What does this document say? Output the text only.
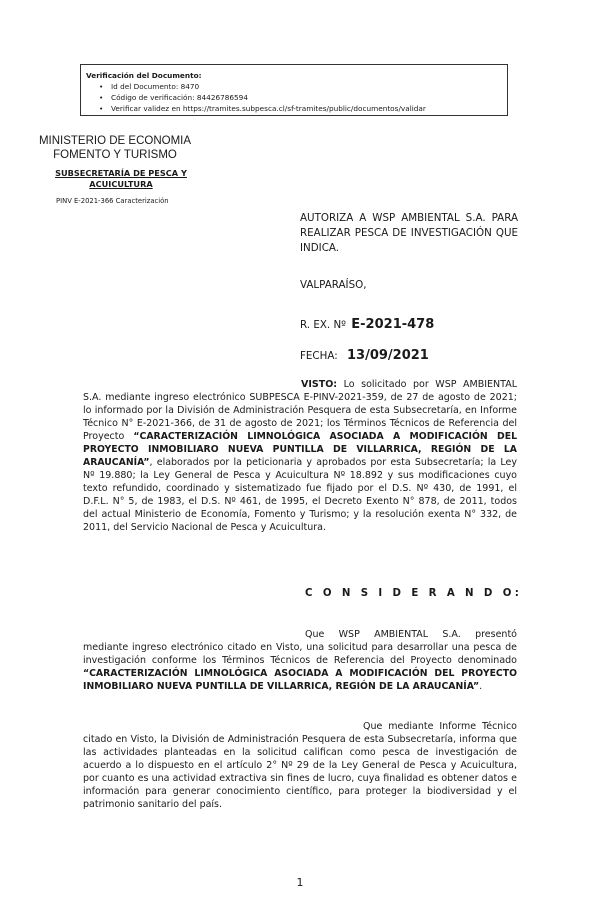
Verificación del Documento:
• Id del Documento: 8470
• Código de verificación: 84426786594
• Verificar validez en https://tramites.subpesca.cl/sf-tramites/public/documentos/validar
MINISTERIO DE ECONOMIA
FOMENTO Y TURISMO
SUBSECRETARÍA DE PESCA Y
ACUICULTURA
PINV E-2021-366 Caracterización
AUTORIZA A WSP AMBIENTAL S.A. PARA REALIZAR PESCA DE INVESTIGACIÓN QUE INDICA.
VALPARAÍSO,
R. EX. Nº E-2021-478
FECHA: 13/09/2021
VISTO: Lo solicitado por WSP AMBIENTAL S.A. mediante ingreso electrónico SUBPESCA E-PINV-2021-359, de 27 de agosto de 2021; lo informado por la División de Administración Pesquera de esta Subsecretaría, en Informe Técnico N° E-2021-366, de 31 de agosto de 2021; los Términos Técnicos de Referencia del Proyecto “CARACTERIZACIÓN LIMNOLÓGICA ASOCIADA A MODIFICACIÓN DEL PROYECTO INMOBILIARO NUEVA PUNTILLA DE VILLARRICA, REGIÓN DE LA ARAUCANÍA”, elaborados por la peticionaria y aprobados por esta Subsecretaría; la Ley Nº 19.880; la Ley General de Pesca y Acuicultura Nº 18.892 y sus modificaciones cuyo texto refundido, coordinado y sistematizado fue fijado por el D.S. Nº 430, de 1991, el D.F.L. N° 5, de 1983, el D.S. Nº 461, de 1995, el Decreto Exento N° 878, de 2011, todos del actual Ministerio de Economía, Fomento y Turismo; y la resolución exenta N° 332, de 2011, del Servicio Nacional de Pesca y Acuicultura.
C O N S I D E R A N D O:
Que WSP AMBIENTAL S.A. presentó mediante ingreso electrónico citado en Visto, una solicitud para desarrollar una pesca de investigación conforme los Términos Técnicos de Referencia del Proyecto denominado “CARACTERIZACIÓN LIMNOLÓGICA ASOCIADA A MODIFICACIÓN DEL PROYECTO INMOBILIARO NUEVA PUNTILLA DE VILLARRICA, REGIÓN DE LA ARAUCANÍA”.
Que mediante Informe Técnico citado en Visto, la División de Administración Pesquera de esta Subsecretaría, informa que las actividades planteadas en la solicitud califican como pesca de investigación de acuerdo a lo dispuesto en el artículo 2° Nº 29 de la Ley General de Pesca y Acuicultura, por cuanto es una actividad extractiva sin fines de lucro, cuya finalidad es obtener datos e información para generar conocimiento científico, para proteger la biodiversidad y el patrimonio sanitario del país.
1
